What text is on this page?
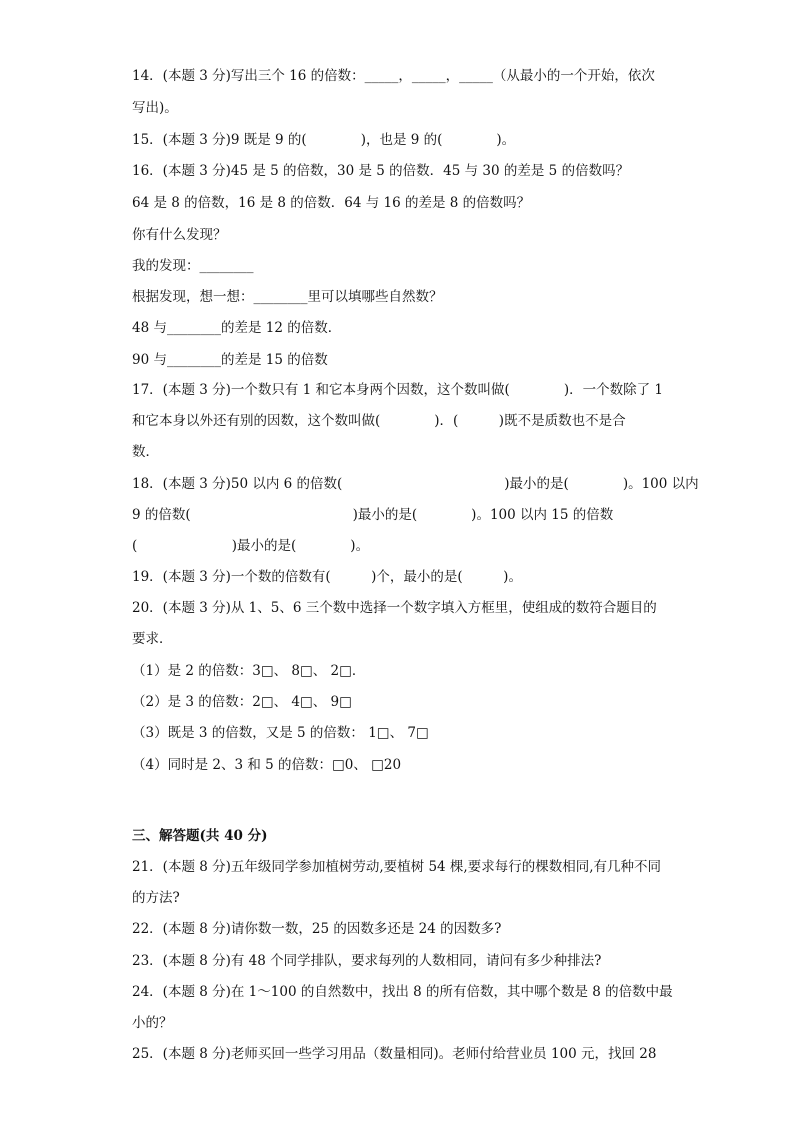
14．(本题 3 分)写出三个 16 的倍数：_____，_____，_____（从最小的一个开始，依次
写出)。
15．(本题 3 分)9 既是 9 的(　　　　)，也是 9 的(　　　　)。
16．(本题 3 分)45 是 5 的倍数，30 是 5 的倍数．45 与 30 的差是 5 的倍数吗？
64 是 8 的倍数，16 是 8 的倍数．64 与 16 的差是 8 的倍数吗？
你有什么发现？
我的发现：________
根据发现，想一想：________里可以填哪些自然数？
48 与________的差是 12 的倍数．
90 与________的差是 15 的倍数
17．(本题 3 分)一个数只有 1 和它本身两个因数，这个数叫做(　　　　)．一个数除了 1
和它本身以外还有别的因数，这个数叫做(　　　　)．(　　　)既不是质数也不是合
数．
18．(本题 3 分)50 以内 6 的倍数(　　　　　　　　　　　　)最小的是(　　　　)。100 以内
9 的倍数(　　　　　　　　　　　　)最小的是(　　　　)。100 以内 15 的倍数
(　　　　　　　)最小的是(　　　　)。
19．(本题 3 分)一个数的倍数有(　　　)个，最小的是(　　　)。
20．(本题 3 分)从 1、5、6 三个数中选择一个数字填入方框里，使组成的数符合题目的
要求．
（1）是 2 的倍数：3□、 8□、 2□．
（2）是 3 的倍数：2□、 4□、 9□
（3）既是 3 的倍数，又是 5 的倍数： 1□、 7□
（4）同时是 2、3 和 5 的倍数：□0、 □20
三、解答题(共 40 分)
21．(本题 8 分)五年级同学参加植树劳动,要植树 54 棵,要求每行的棵数相同,有几种不同
的方法?
22．(本题 8 分)请你数一数，25 的因数多还是 24 的因数多?
23．(本题 8 分)有 48 个同学排队，要求每列的人数相同，请问有多少种排法?
24．(本题 8 分)在 1～100 的自然数中，找出 8 的所有倍数，其中哪个数是 8 的倍数中最
小的？
25．(本题 8 分)老师买回一些学习用品（数量相同)。老师付给营业员 100 元，找回 28
